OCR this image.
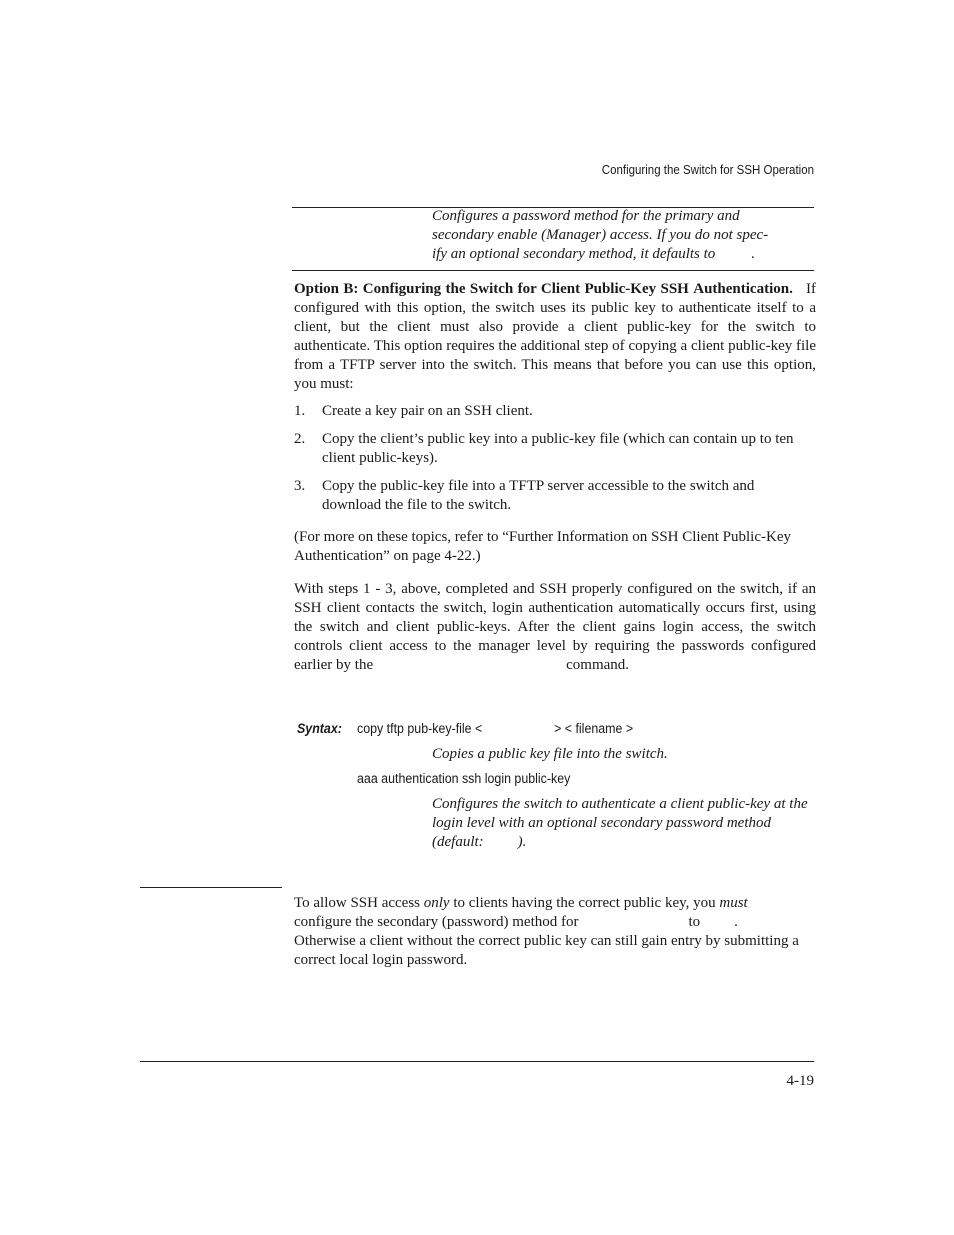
Configuring the Switch for SSH Operation
Configures a password method for the primary and
secondary enable (Manager) access. If you do not spec-
ify an optional secondary method, it defaults to .
Option B: Configuring the Switch for Client Public-Key SSH Authentication. If configured with this option, the switch uses its public key to authenticate itself to a client, but the client must also provide a client public-key for the switch to authenticate. This option requires the additional step of copying a client public-key file from a TFTP server into the switch. This means that before you can use this option, you must:
1. Create a key pair on an SSH client.
2. Copy the client’s public key into a public-key file (which can contain up to ten client public-keys).
3. Copy the public-key file into a TFTP server accessible to the switch and download the file to the switch.
(For more on these topics, refer to “Further Information on SSH Client Public-Key Authentication” on page 4-22.)
With steps 1 - 3, above, completed and SSH properly configured on the switch, if an SSH client contacts the switch, login authentication automatically occurs first, using the switch and client public-keys. After the client gains login access, the switch controls client access to the manager level by requiring the passwords configured earlier by the	command.
Syntax: copy tftp pub-key-file <	> < filename >
Copies a public key file into the switch.
aaa authentication ssh login public-key
Configures the switch to authenticate a client public-key at the login level with an optional secondary password method (default: ).
To allow SSH access only to clients having the correct public key, you must
configure the secondary (password) method for	to .
Otherwise a client without the correct public key can still gain entry by submitting a correct local login password.
4-19
